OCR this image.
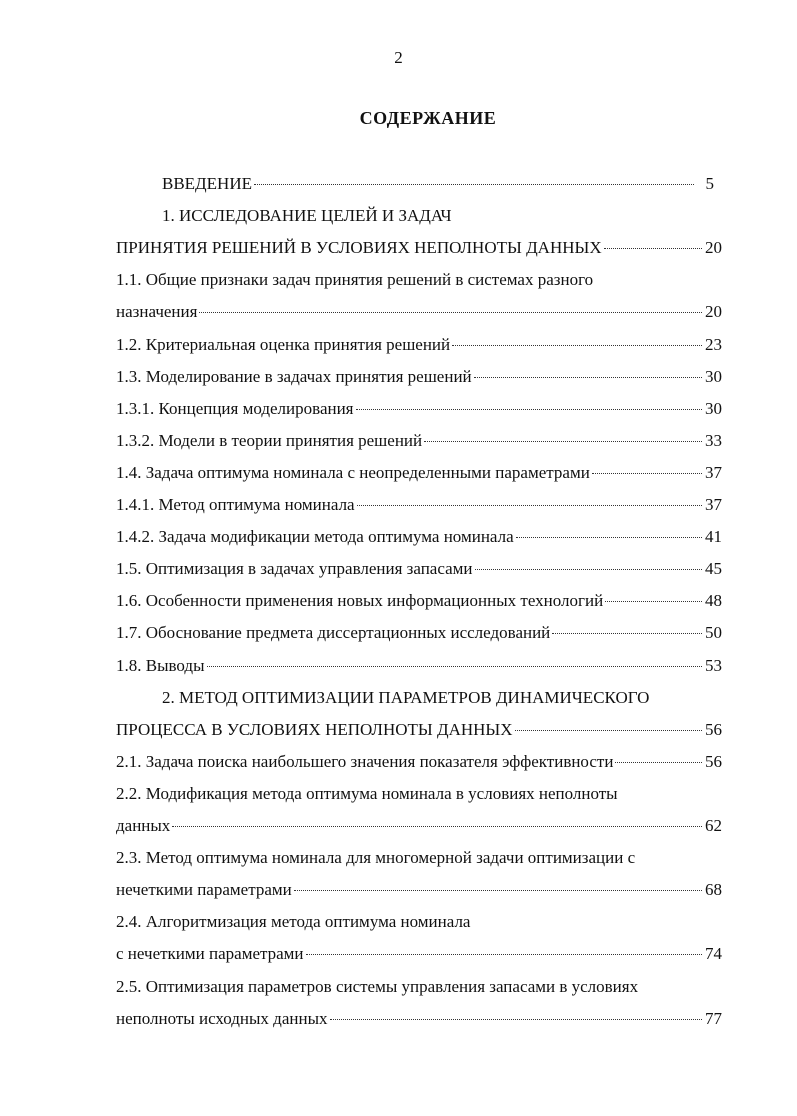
2
СОДЕРЖАНИЕ
ВВЕДЕНИЕ	5
1. ИССЛЕДОВАНИЕ ЦЕЛЕЙ И ЗАДАЧ
ПРИНЯТИЯ РЕШЕНИЙ В УСЛОВИЯХ НЕПОЛНОТЫ ДАННЫХ	20
1.1. Общие признаки задач принятия решений в системах разного
назначения	20
1.2. Критериальная оценка принятия решений	23
1.3. Моделирование в задачах принятия решений	30
1.3.1. Концепция моделирования	30
1.3.2. Модели в теории принятия решений	33
1.4. Задача оптимума номинала с неопределенными параметрами	37
1.4.1. Метод оптимума номинала	37
1.4.2. Задача модификации метода оптимума номинала	41
1.5. Оптимизация в задачах управления запасами	45
1.6. Особенности применения новых информационных технологий	48
1.7. Обоснование предмета диссертационных исследований	50
1.8. Выводы	53
2. МЕТОД ОПТИМИЗАЦИИ ПАРАМЕТРОВ ДИНАМИЧЕСКОГО
ПРОЦЕССА В УСЛОВИЯХ НЕПОЛНОТЫ ДАННЫХ	56
2.1. Задача поиска наибольшего значения показателя эффективности	56
2.2. Модификация метода оптимума номинала в условиях неполноты
данных	62
2.3. Метод оптимума номинала для многомерной задачи оптимизации с
нечеткими параметрами	68
2.4. Алгоритмизация метода оптимума номинала
с нечеткими параметрами	74
2.5. Оптимизация параметров системы управления запасами в условиях
неполноты исходных данных	77
